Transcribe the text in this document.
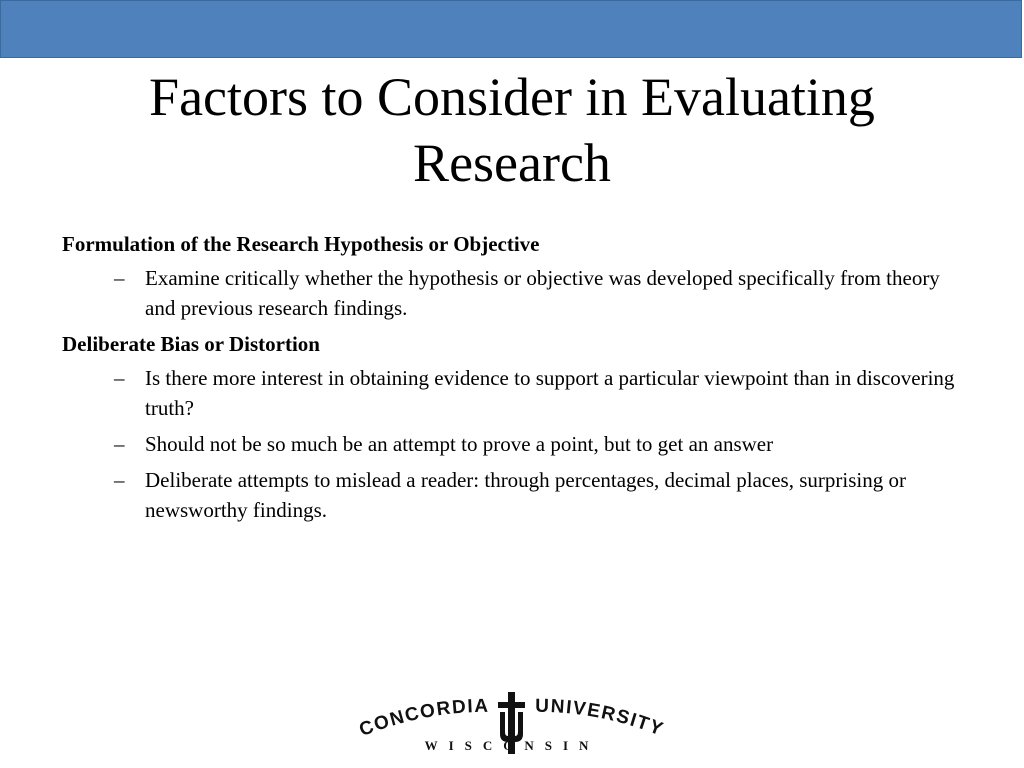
Factors to Consider in Evaluating
Research

Formulation of the Research Hypothesis or Objective

– Examine critically whether the hypothesis or objective was developed specifically from theory and previous research findings.

Deliberate Bias or Distortion

– Is there more interest in obtaining evidence to support a particular viewpoint than in discovering truth?
– Should not be so much be an attempt to prove a point, but to get an answer
– Deliberate attempts to mislead a reader: through percentages, decimal places, surprising or newsworthy findings.
CONCORDIA UNIVERSITY
WISCONSIN
